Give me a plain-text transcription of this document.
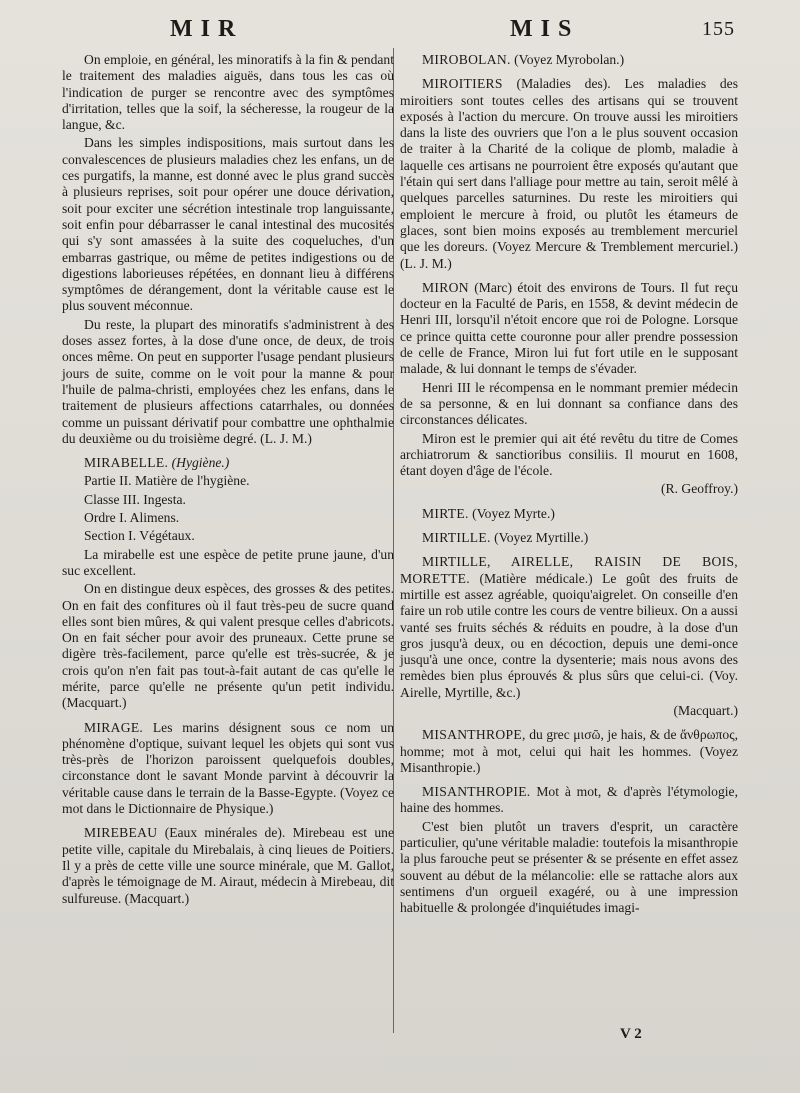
MIR	MIS	155

On emploie, en général, les minoratifs à la fin & pendant le traitement des maladies aiguës, dans tous les cas où l'indication de purger se rencontre avec des symptômes d'irritation, telles que la soif, la sécheresse, la rougeur de la langue, &c.

Dans les simples indispositions, mais surtout dans les convalescences de plusieurs maladies chez les enfans, un de ces purgatifs, la manne, est donné avec le plus grand succès à plusieurs reprises, soit pour opérer une douce dérivation, soit pour exciter une sécrétion intestinale trop languissante, soit enfin pour débarrasser le canal intestinal des mucosités qui s'y sont amassées à la suite des coqueluches, d'un embarras gastrique, ou même de petites indigestions ou de digestions laborieuses répétées, en donnant lieu à différens symptômes de dérangement, dont la véritable cause est le plus souvent méconnue.

Du reste, la plupart des minoratifs s'administrent à des doses assez fortes, à la dose d'une once, de deux, de trois onces même. On peut en supporter l'usage pendant plusieurs jours de suite, comme on le voit pour la manne & pour l'huile de palma-christi, employées chez les enfans, dans le traitement de plusieurs affections catarrhales, ou données comme un puissant dérivatif pour combattre une ophthalmie du deuxième ou du troisième degré. (L. J. M.)

MIRABELLE. (Hygiène.)

Partie II. Matière de l'hygiène.

Classe III. Ingesta.

Ordre I. Alimens.

Section I. Végétaux.

La mirabelle est une espèce de petite prune jaune, d'un suc excellent.

On en distingue deux espèces, des grosses & des petites. On en fait des confitures où il faut très-peu de sucre quand elles sont bien mûres, & qui valent presque celles d'abricots. On en fait sécher pour avoir des pruneaux. Cette prune se digère très-facilement, parce qu'elle est très-sucrée, & je crois qu'on n'en fait pas tout-à-fait autant de cas qu'elle le mérite, parce qu'elle ne présente qu'un petit individu. (Macquart.)

MIRAGE. Les marins désignent sous ce nom un phénomène d'optique, suivant lequel les objets qui sont vus très-près de l'horizon paroissent quelquefois doubles, circonstance dont le savant Monde parvint à découvrir la véritable cause dans le terrain de la Basse-Egypte. (Voyez ce mot dans le Dictionnaire de Physique.)

MIREBEAU (Eaux minérales de). Mirebeau est une petite ville, capitale du Mirebalais, à cinq lieues de Poitiers. Il y a près de cette ville une source minérale, que M. Gallot, d'après le témoignage de M. Airaut, médecin à Mirebeau, dit sulfureuse. (Macquart.)

MIROBOLAN. (Voyez Myrobolan.)

MIROITIERS (Maladies des). Les maladies des miroitiers sont toutes celles des artisans qui se trouvent exposés à l'action du mercure. On trouve aussi les miroitiers dans la liste des ouvriers que l'on a le plus souvent occasion de traiter à la Charité de la colique de plomb, maladie à laquelle ces artisans ne pourroient être exposés qu'autant que l'étain qui sert dans l'alliage pour mettre au tain, seroit mêlé à quelques parcelles saturnines. Du reste les miroitiers qui emploient le mercure à froid, ou plutôt les étameurs de glaces, sont bien moins exposés au tremblement mercuriel que les doreurs. (Voyez Mercure & Tremblement mercuriel.) (L. J. M.)

MIRON (Marc) étoit des environs de Tours. Il fut reçu docteur en la Faculté de Paris, en 1558, & devint médecin de Henri III, lorsqu'il n'étoit encore que roi de Pologne. Lorsque ce prince quitta cette couronne pour aller prendre possession de celle de France, Miron lui fut fort utile en le supposant malade, & lui donnant le temps de s'évader.

Henri III le récompensa en le nommant premier médecin de sa personne, & en lui donnant sa confiance dans des circonstances délicates.

Miron est le premier qui ait été revêtu du titre de Comes archiatrorum & sanctioribus consiliis. Il mourut en 1608, étant doyen d'âge de l'école.

(R. Geoffroy.)

MIRTE. (Voyez Myrte.)

MIRTILLE. (Voyez Myrtille.)

MIRTILLE, AIRELLE, RAISIN DE BOIS, MORETTE. (Matière médicale.) Le goût des fruits de mirtille est assez agréable, quoiqu'aigrelet. On conseille d'en faire un rob utile contre les cours de ventre bilieux. On a aussi vanté ses fruits séchés & réduits en poudre, à la dose d'un gros jusqu'à deux, ou en décoction, depuis une demi-once jusqu'à une once, contre la dysenterie; mais nous avons des remèdes bien plus éprouvés & plus sûrs que celui-ci. (Voy. Airelle, Myrtille, &c.)

(Macquart.)

MISANTHROPE, du grec μισῶ, je hais, & de ἄνθρωπος, homme; mot à mot, celui qui hait les hommes. (Voyez Misanthropie.)

MISANTHROPIE. Mot à mot, & d'après l'étymologie, haine des hommes.

C'est bien plutôt un travers d'esprit, un caractère particulier, qu'une véritable maladie: toutefois la misanthropie la plus farouche peut se présenter & se présente en effet assez souvent au début de la mélancolie: elle se rattache alors aux sentimens d'un orgueil exagéré, ou à une impression habituelle & prolongée d'inquiétudes imagi-

V 2
